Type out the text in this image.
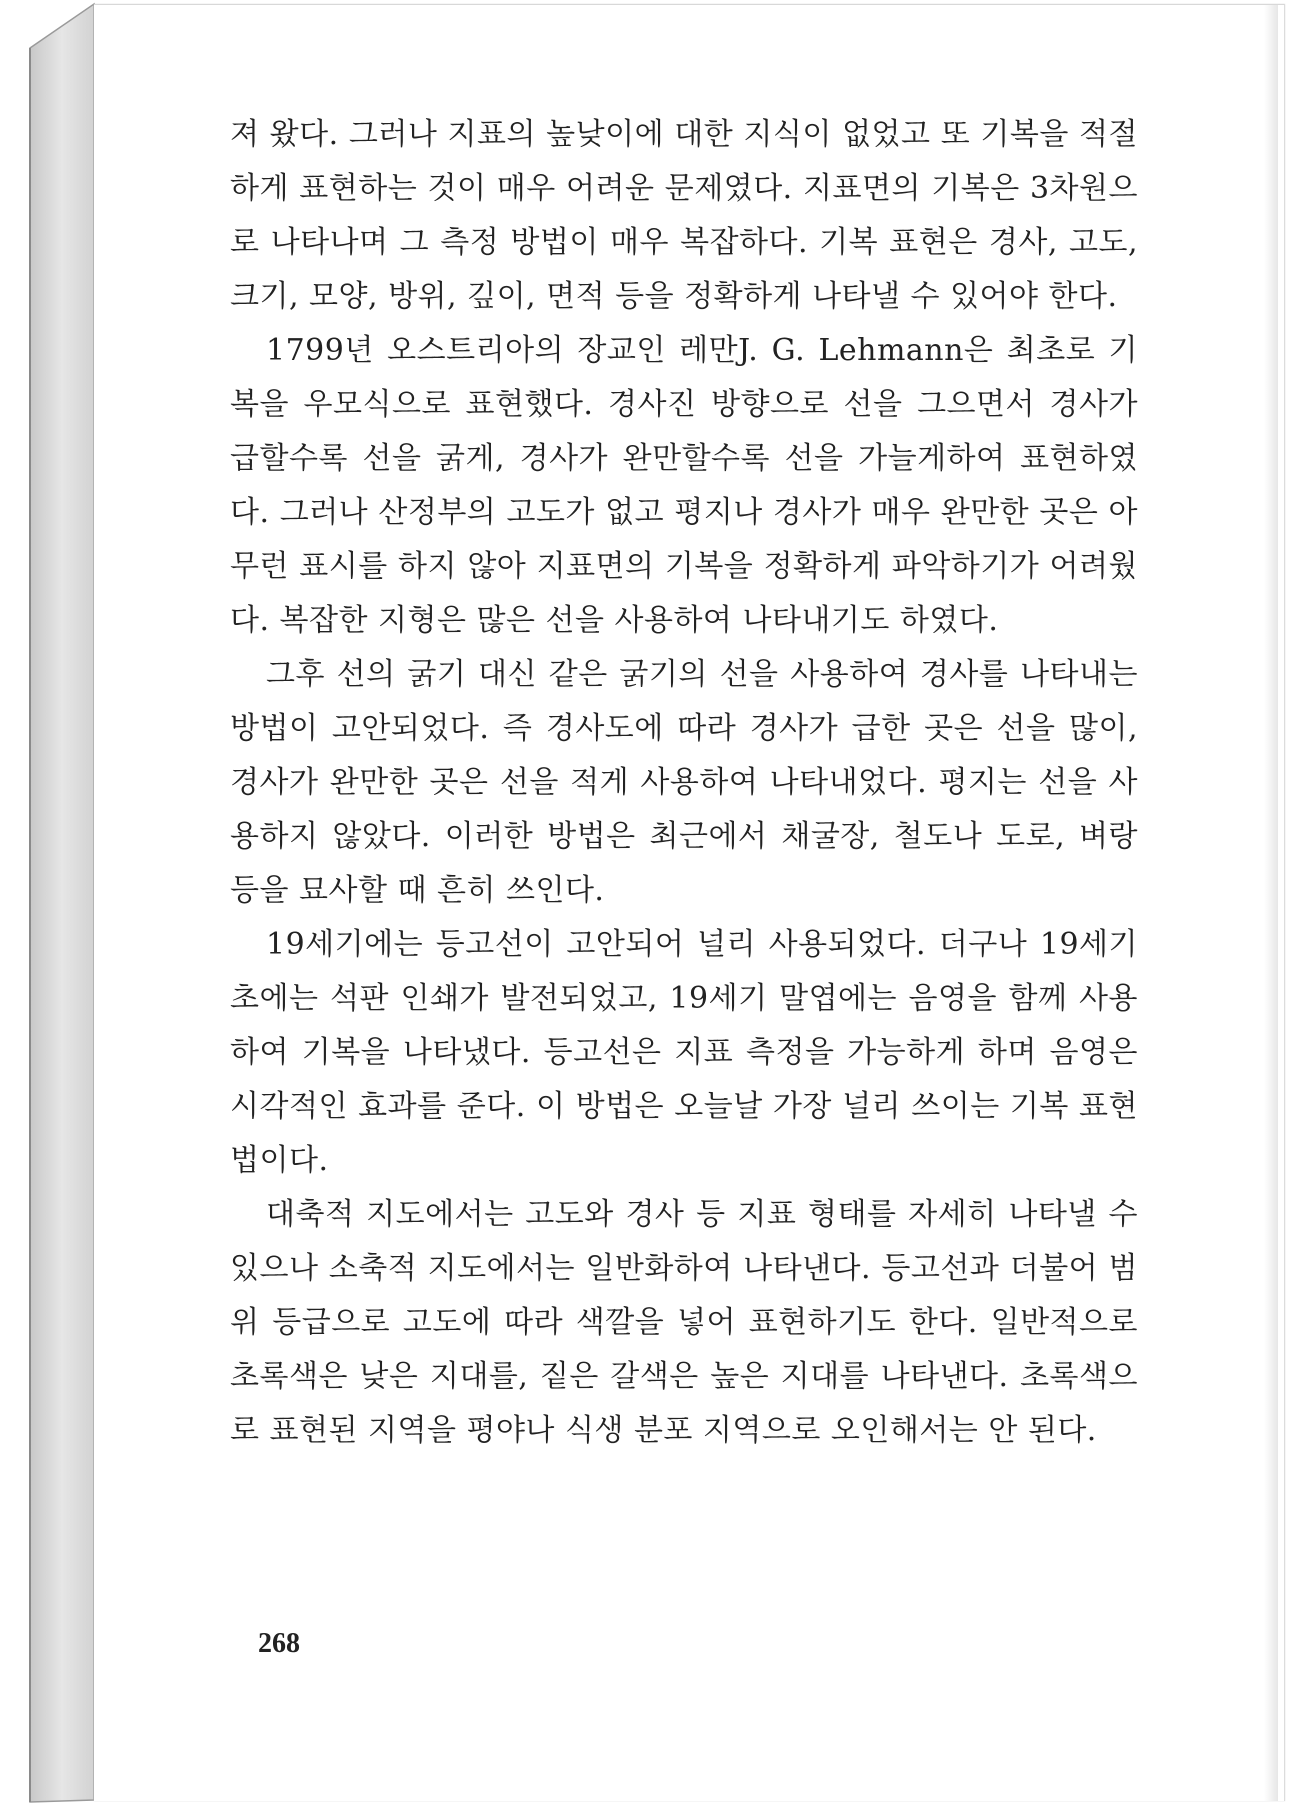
져 왔다. 그러나 지표의 높낮이에 대한 지식이 없었고 또 기복을 적절하게 표현하는 것이 매우 어려운 문제였다. 지표면의 기복은 3차원으로 나타나며 그 측정 방법이 매우 복잡하다. 기복 표현은 경사, 고도, 크기, 모양, 방위, 깊이, 면적 등을 정확하게 나타낼 수 있어야 한다.

1799년 오스트리아의 장교인 레만J. G. Lehmann은 최초로 기복을 우모식으로 표현했다. 경사진 방향으로 선을 그으면서 경사가 급할수록 선을 굵게, 경사가 완만할수록 선을 가늘게하여 표현하였다. 그러나 산정부의 고도가 없고 평지나 경사가 매우 완만한 곳은 아무런 표시를 하지 않아 지표면의 기복을 정확하게 파악하기가 어려웠다. 복잡한 지형은 많은 선을 사용하여 나타내기도 하였다.

그후 선의 굵기 대신 같은 굵기의 선을 사용하여 경사를 나타내는 방법이 고안되었다. 즉 경사도에 따라 경사가 급한 곳은 선을 많이, 경사가 완만한 곳은 선을 적게 사용하여 나타내었다. 평지는 선을 사용하지 않았다. 이러한 방법은 최근에서 채굴장, 철도나 도로, 벼랑 등을 묘사할 때 흔히 쓰인다.

19세기에는 등고선이 고안되어 널리 사용되었다. 더구나 19세기 초에는 석판 인쇄가 발전되었고, 19세기 말엽에는 음영을 함께 사용하여 기복을 나타냈다. 등고선은 지표 측정을 가능하게 하며 음영은 시각적인 효과를 준다. 이 방법은 오늘날 가장 널리 쓰이는 기복 표현법이다.

대축적 지도에서는 고도와 경사 등 지표 형태를 자세히 나타낼 수 있으나 소축적 지도에서는 일반화하여 나타낸다. 등고선과 더불어 범위 등급으로 고도에 따라 색깔을 넣어 표현하기도 한다. 일반적으로 초록색은 낮은 지대를, 짙은 갈색은 높은 지대를 나타낸다. 초록색으로 표현된 지역을 평야나 식생 분포 지역으로 오인해서는 안 된다.

268
